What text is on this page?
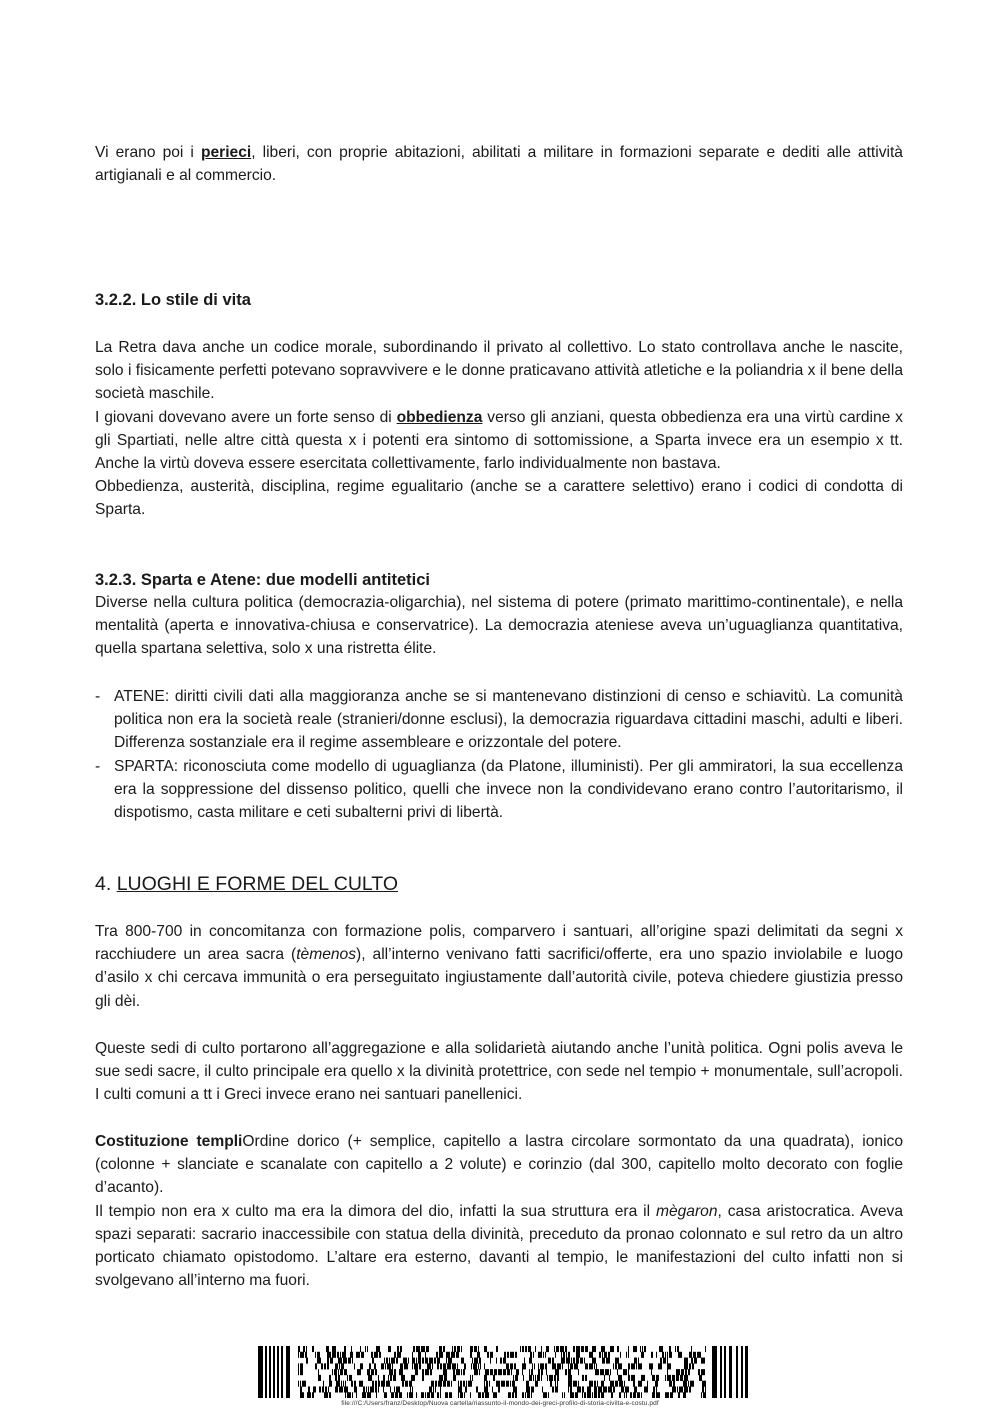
Vi erano poi i perieci, liberi, con proprie abitazioni, abilitati a militare in formazioni separate e dediti alle attività artigianali e al commercio.

3.2.2. Lo stile di vita

La Retra dava anche un codice morale, subordinando il privato al collettivo. Lo stato controllava anche le nascite, solo i fisicamente perfetti potevano sopravvivere e le donne praticavano attività atletiche e la poliandria x il bene della società maschile.

I giovani dovevano avere un forte senso di obbedienza verso gli anziani, questa obbedienza era una virtù cardine x gli Spartiati, nelle altre città questa x i potenti era sintomo di sottomissione, a Sparta invece era un esempio x tt. Anche la virtù doveva essere esercitata collettivamente, farlo individualmente non bastava.

Obbedienza, austerità, disciplina, regime egualitario (anche se a carattere selettivo) erano i codici di condotta di Sparta.

3.2.3. Sparta e Atene: due modelli antitetici

Diverse nella cultura politica (democrazia-oligarchia), nel sistema di potere (primato marittimo-continentale), e nella mentalità (aperta e innovativa-chiusa e conservatrice). La democrazia ateniese aveva un’uguaglianza quantitativa, quella spartana selettiva, solo x una ristretta élite.

- ATENE: diritti civili dati alla maggioranza anche se si mantenevano distinzioni di censo e schiavitù. La comunità politica non era la società reale (stranieri/donne esclusi), la democrazia riguardava cittadini maschi, adulti e liberi. Differenza sostanziale era il regime assembleare e orizzontale del potere.
- SPARTA: riconosciuta come modello di uguaglianza (da Platone, illuministi). Per gli ammiratori, la sua eccellenza era la soppressione del dissenso politico, quelli che invece non la condividevano erano contro l’autoritarismo, il dispotismo, casta militare e ceti subalterni privi di libertà.
4. LUOGHI E FORME DEL CULTO

Tra 800-700 in concomitanza con formazione polis, comparvero i santuari, all’origine spazi delimitati da segni x racchiudere un area sacra (tèmenos), all’interno venivano fatti sacrifici/offerte, era uno spazio inviolabile e luogo d’asilo x chi cercava immunità o era perseguitato ingiustamente dall’autorità civile, poteva chiedere giustizia presso gli dèi.

Queste sedi di culto portarono all’aggregazione e alla solidarietà aiutando anche l’unità politica. Ogni polis aveva le sue sedi sacre, il culto principale era quello x la divinità protettrice, con sede nel tempio + monumentale, sull’acropoli. I culti comuni a tt i Greci invece erano nei santuari panellenici.

Costituzione templiOrdine dorico (+ semplice, capitello a lastra circolare sormontato da una quadrata), ionico (colonne + slanciate e scanalate con capitello a 2 volute) e corinzio (dal 300, capitello molto decorato con foglie d’acanto).

Il tempio non era x culto ma era la dimora del dio, infatti la sua struttura era il mègaron, casa aristocratica. Aveva spazi separati: sacrario inaccessibile con statua della divinità, preceduto da pronao colonnato e sul retro da un altro porticato chiamato opistodomo. L’altare era esterno, davanti al tempio, le manifestazioni del culto infatti non si svolgevano all’interno ma fuori.

file:///C:/Users/franz/Desktop/Nuova cartella/riassunto-il-mondo-dei-greci-profilo-di-storia-civilta-e-costu.pdf
